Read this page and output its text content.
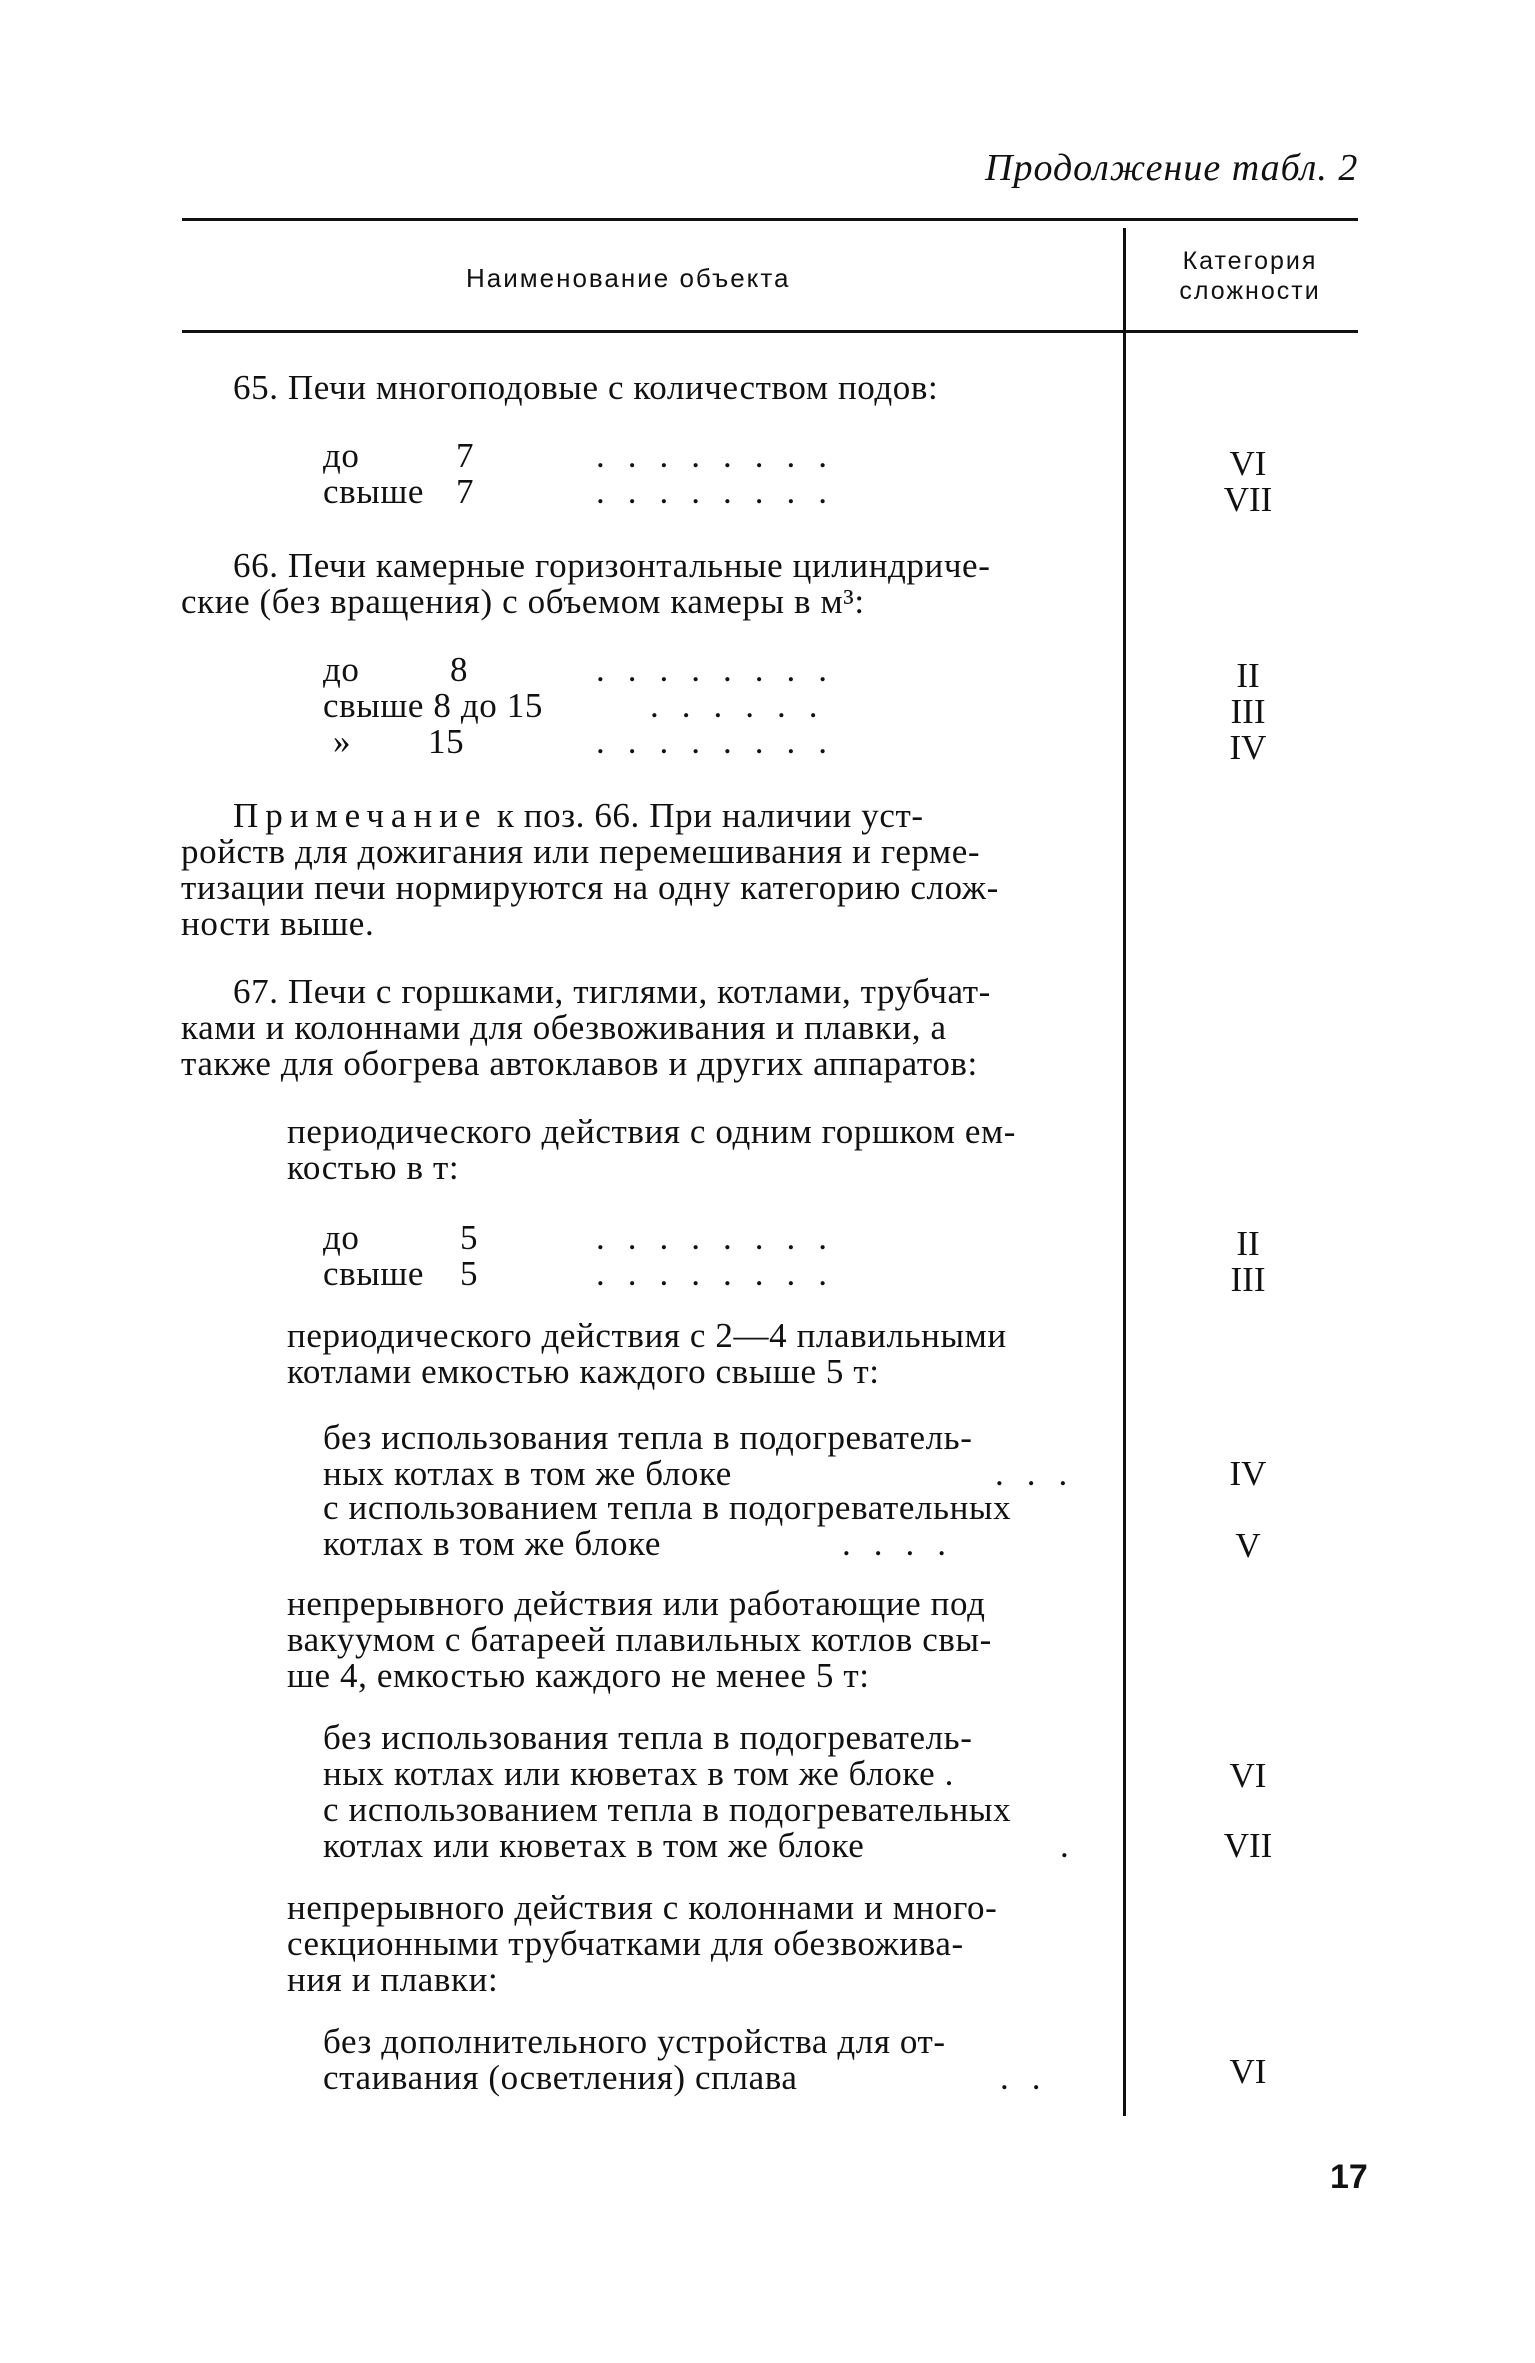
Продолжение табл. 2
Наименование объекта
Категория
сложности
65. Печи многоподовые с количеством подов:
до	7	........	VI
свыше 7	........	VII
66. Печи камерные горизонтальные цилиндриче-
ские (без вращения) с объемом камеры в м³:
до	8	........	II
свыше 8 до 15	......	III
» 15	........	IV
Примечание к поз. 66. При наличии уст-
ройств для дожигания или перемешивания и герме-
тизации печи нормируются на одну категорию слож-
ности выше.
67. Печи с горшками, тиглями, котлами, трубчат-
ками и колоннами для обезвоживания и плавки, а
также для обогрева автоклавов и других аппаратов:
периодического действия с одним горшком ем-
костью в т:
до	5	........	II
свыше 5	........	III
периодического действия с 2—4 плавильными
котлами емкостью каждого свыше 5 т:
без использования тепла в подогреватель-
ных котлах в том же блоке	...	IV
с использованием тепла в подогревательных
котлах в том же блоке	....	V
непрерывного действия или работающие под
вакуумом с батареей плавильных котлов свы-
ше 4, емкостью каждого не менее 5 т:
без использования тепла в подогреватель-
ных котлах или кюветах в том же блоке .	VI
с использованием тепла в подогревательных
котлах или кюветах в том же блоке	.	VII
непрерывного действия с колоннами и много-
секционными трубчатками для обезвожива-
ния и плавки:
без дополнительного устройства для от-
стаивания (осветления) сплава	..	VI
17
